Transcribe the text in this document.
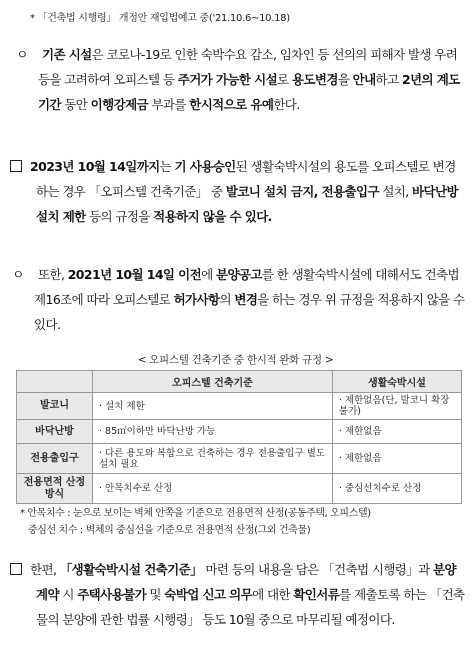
* 「건축법 시행령」 개정안 재입법예고 중('21.10.6~10.18)
ㅇ 기존 시설은 코로나-19로 인한 숙박수요 감소, 임차인 등 선의의 피해자 발생 우려 등을 고려하여 오피스텔 등 주거가 가능한 시설로 용도변경을 안내하고 2년의 계도기간 동안 이행강제금 부과를 한시적으로 유예한다.
2023년 10월 14일까지는 기 사용승인된 생활숙박시설의 용도를 오피스텔로 변경하는 경우 「오피스텔 건축기준」 중 발코니 설치 금지, 전용출입구 설치, 바닥난방 설치 제한 등의 규정을 적용하지 않을 수 있다.
ㅇ 또한, 2021년 10월 14일 이전에 분양공고를 한 생활숙박시설에 대해서도 건축법 제16조에 따라 오피스텔로 허가사항의 변경을 하는 경우 위 규정을 적용하지 않을 수 있다.
< 오피스텔 건축기준 중 한시적 완화 규정 >
	오피스텔 건축기준	생활숙박시설
발코니	· 설치 제한	· 제한없음(단, 발코니 확장 불가)
바닥난방	· 85㎡이하만 바닥난방 가능	· 제한없음
전용출입구	· 다른 용도와 복합으로 건축하는 경우 전용출입구 별도 설치 필요	· 제한없음
전용면적 산정방식	· 안목치수로 산정	· 중심선치수로 산정
* 안목치수 : 눈으로 보이는 벽체 안쪽을 기준으로 전용면적 산정(공동주택, 오피스텔)
중심선 치수 : 벽체의 중심선을 기준으로 전용면적 산정(그외 건축물)
한편, 「생활숙박시설 건축기준」 마련 등의 내용을 담은 「건축법 시행령」과 분양계약 시 주택사용불가 및 숙박업 신고 의무에 대한 확인서류를 제출토록 하는 「건축물의 분양에 관한 법률 시행령」 등도 10월 중으로 마무리될 예정이다.
